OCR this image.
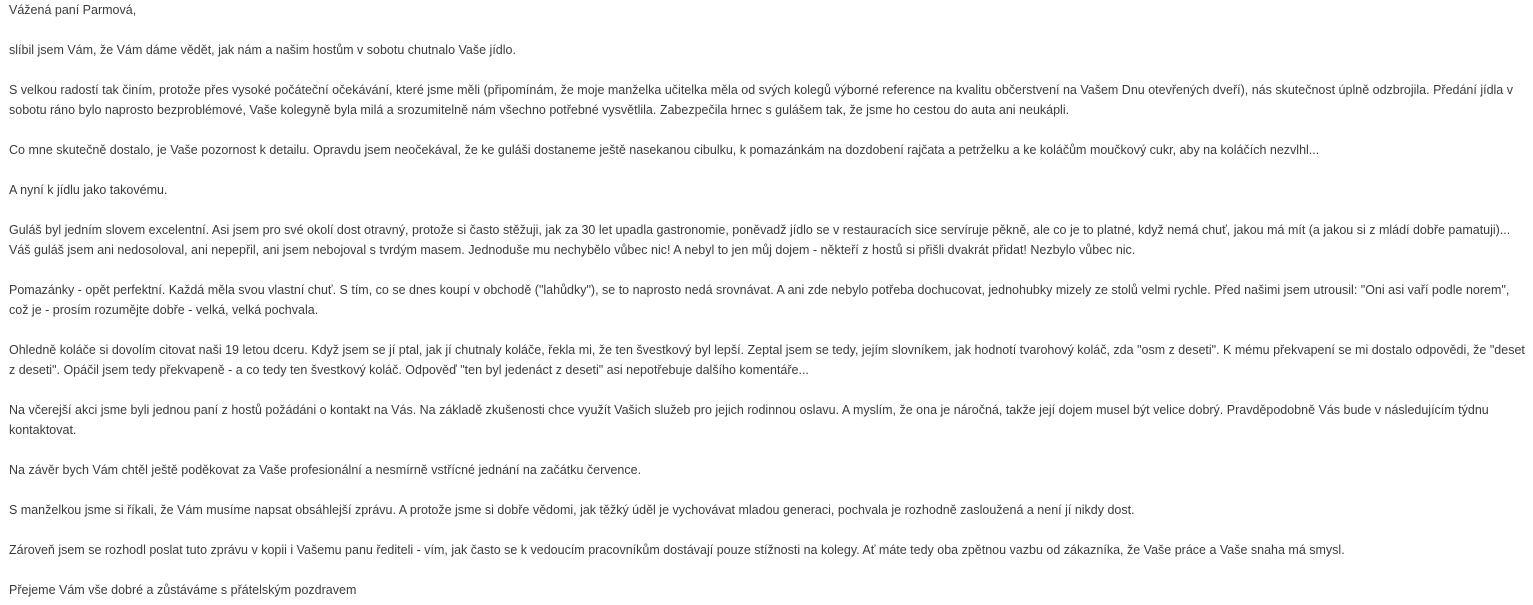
Vážená paní Parmová,

slíbil jsem Vám, že Vám dáme vědět, jak nám a našim hostům v sobotu chutnalo Vaše jídlo.

S velkou radostí tak činím, protože přes vysoké počáteční očekávání, které jsme měli (připomínám, že moje manželka učitelka měla od svých kolegů výborné reference na kvalitu občerstvení na Vašem Dnu otevřených dveří), nás skutečnost úplně odzbrojila. Předání jídla v sobotu ráno bylo naprosto bezproblémové, Vaše kolegyně byla milá a srozumitelně nám všechno potřebné vysvětlila. Zabezpečila hrnec s gulášem tak, že jsme ho cestou do auta ani neukápli.

Co mne skutečně dostalo, je Vaše pozornost k detailu. Opravdu jsem neočekával, že ke guláši dostaneme ještě nasekanou cibulku, k pomazánkám na dozdobení rajčata a petrželku a ke koláčům moučkový cukr, aby na koláčích nezvlhl...

A nyní k jídlu jako takovému.

Guláš byl jedním slovem excelentní. Asi jsem pro své okolí dost otravný, protože si často stěžuji, jak za 30 let upadla gastronomie, poněvadž jídlo se v restauracích sice servíruje pěkně, ale co je to platné, když nemá chuť, jakou má mít (a jakou si z mládí dobře pamatuji)... Váš guláš jsem ani nedosoloval, ani nepepřil, ani jsem nebojoval s tvrdým masem. Jednoduše mu nechybělo vůbec nic! A nebyl to jen můj dojem - někteří z hostů si přišli dvakrát přidat! Nezbylo vůbec nic.

Pomazánky - opět perfektní. Každá měla svou vlastní chuť. S tím, co se dnes koupí v obchodě ("lahůdky"), se to naprosto nedá srovnávat. A ani zde nebylo potřeba dochucovat, jednohubky mizely ze stolů velmi rychle. Před našimi jsem utrousil: "Oni asi vaří podle norem", což je - prosím rozumějte dobře - velká, velká pochvala.

Ohledně koláče si dovolím citovat naši 19 letou dceru. Když jsem se jí ptal, jak jí chutnaly koláče, řekla mi, že ten švestkový byl lepší. Zeptal jsem se tedy, jejím slovníkem, jak hodnotí tvarohový koláč, zda "osm z deseti". K mému překvapení se mi dostalo odpovědi, že "deset z deseti". Opáčil jsem tedy překvapeně - a co tedy ten švestkový koláč. Odpověď "ten byl jedenáct z deseti" asi nepotřebuje dalšího komentáře...

Na včerejší akci jsme byli jednou paní z hostů požádáni o kontakt na Vás. Na základě zkušenosti chce využít Vašich služeb pro jejich rodinnou oslavu. A myslím, že ona je náročná, takže její dojem musel být velice dobrý. Pravděpodobně Vás bude v následujícím týdnu kontaktovat.

Na závěr bych Vám chtěl ještě poděkovat za Vaše profesionální a nesmírně vstřícné jednání na začátku července.

S manželkou jsme si říkali, že Vám musíme napsat obsáhlejší zprávu. A protože jsme si dobře vědomi, jak těžký úděl je vychovávat mladou generaci, pochvala je rozhodně zasloužená a není jí nikdy dost.

Zároveň jsem se rozhodl poslat tuto zprávu v kopii i Vašemu panu řediteli - vím, jak často se k vedoucím pracovníkům dostávají pouze stížnosti na kolegy. Ať máte tedy oba zpětnou vazbu od zákazníka, že Vaše práce a Vaše snaha má smysl.

Přejeme Vám vše dobré a zůstáváme s přátelským pozdravem
